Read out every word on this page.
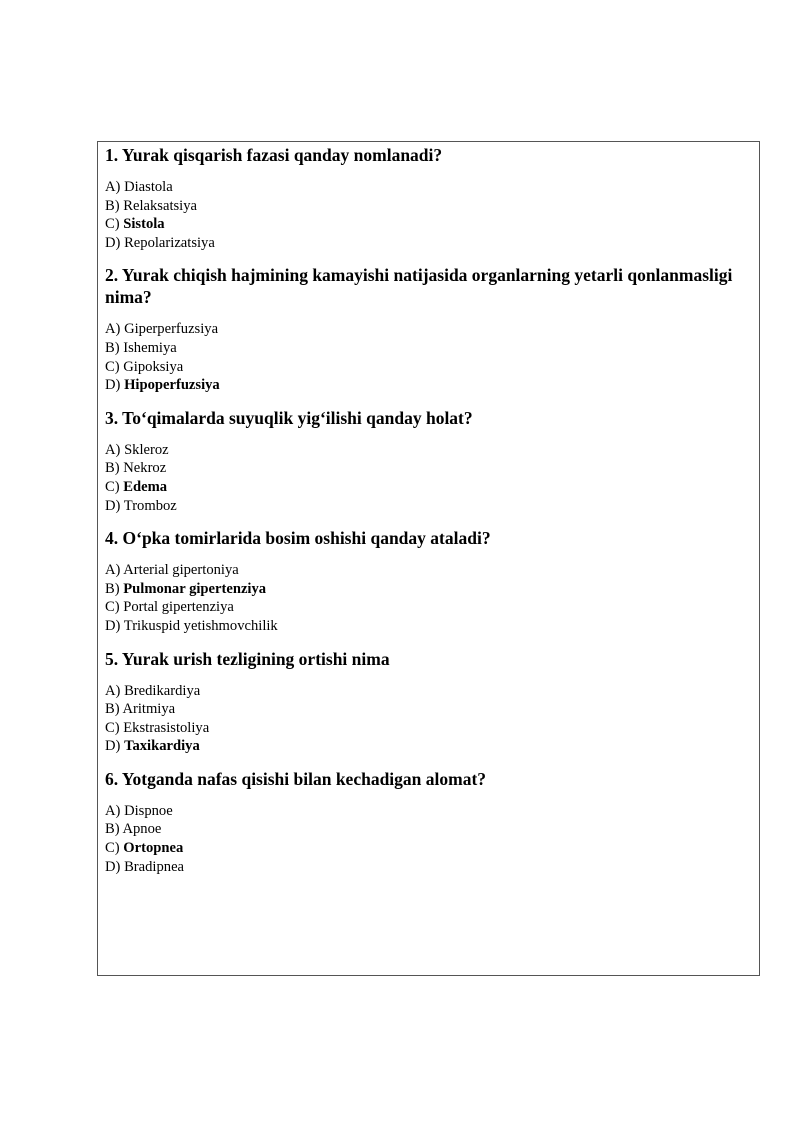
1. Yurak qisqarish fazasi qanday nomlanadi?

A) Diastola
B) Relaksatsiya
C) Sistola
D) Repolarizatsiya

2. Yurak chiqish hajmining kamayishi natijasida organlarning yetarli qonlanmasligi nima?

A) Giperperfuzsiya
B) Ishemiya
C) Gipoksiya
D) Hipoperfuzsiya

3. To‘qimalarda suyuqlik yig‘ilishi qanday holat?

A) Skleroz
B) Nekroz
C) Edema
D) Tromboz

4. O‘pka tomirlarida bosim oshishi qanday ataladi?

A) Arterial gipertoniya
B) Pulmonar gipertenziya
C) Portal gipertenziya
D) Trikuspid yetishmovchilik

5. Yurak urish tezligining ortishi nima

A) Bredikardiya
B) Aritmiya
C) Ekstrasistoliya
D) Taxikardiya

6. Yotganda nafas qisishi bilan kechadigan alomat?

A) Dispnoe
B) Apnoe
C) Ortopnea
D) Bradipnea
